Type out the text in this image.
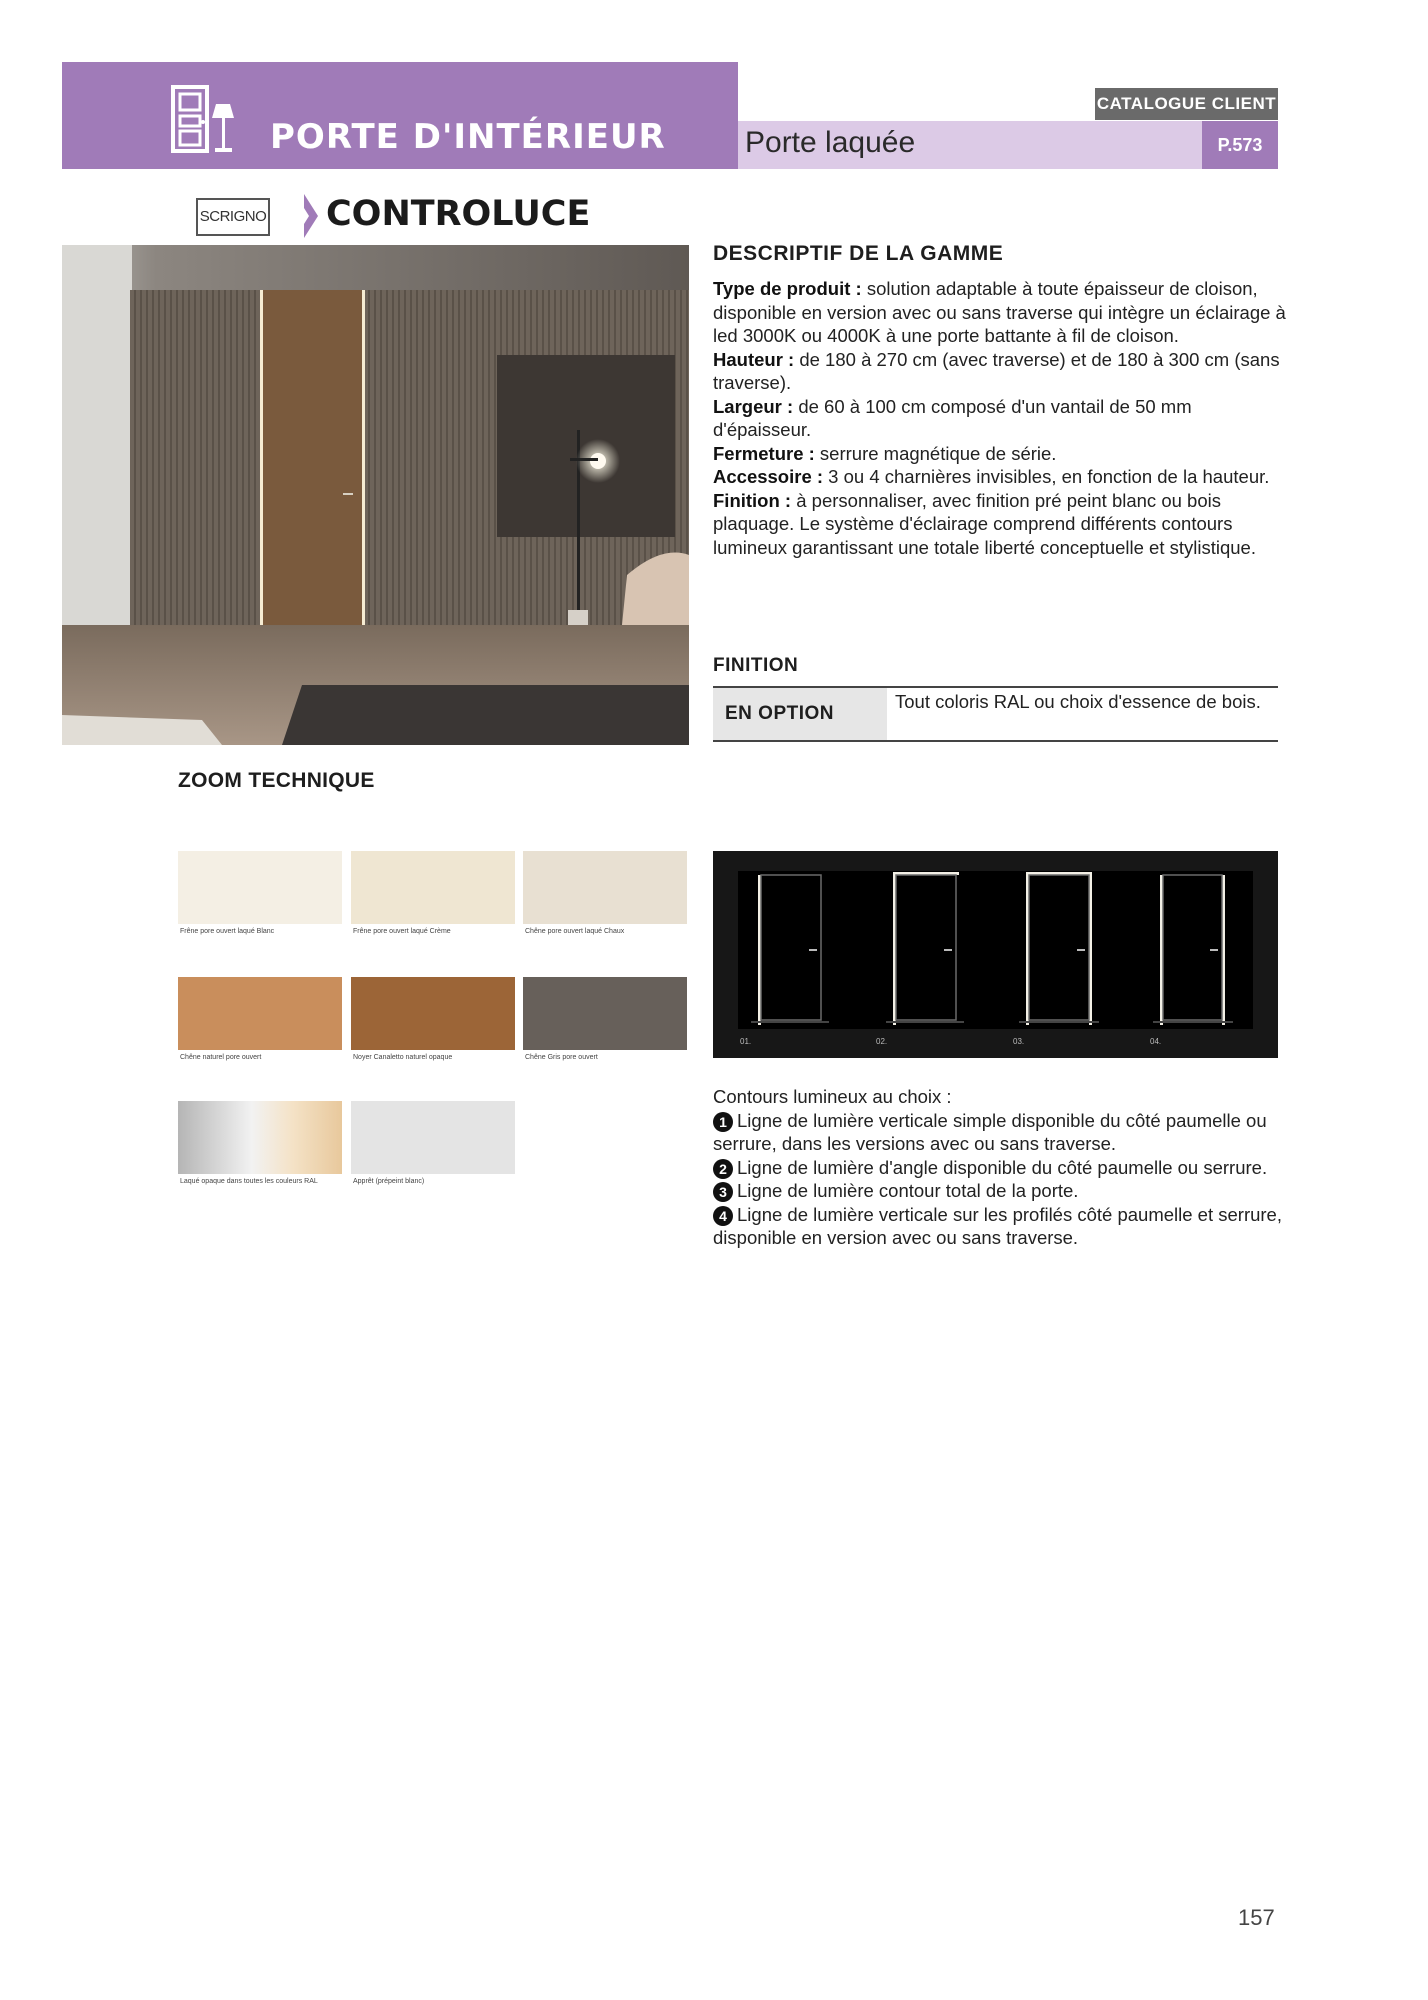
PORTE D'INTÉRIEUR	Porte laquée
CATALOGUE CLIENT
P.573
SCRIGNO CONTROLUCE
DESCRIPTIF DE LA GAMME

Type de produit : solution adaptable à toute épaisseur de cloison, disponible en version avec ou sans traverse qui intègre un éclairage à led 3000K ou 4000K à une porte battante à fil de cloison.

Hauteur : de 180 à 270 cm (avec traverse) et de 180 à 300 cm (sans traverse).

Largeur : de 60 à 100 cm composé d'un vantail de 50 mm d'épaisseur.

Fermeture : serrure magnétique de série.

Accessoire : 3 ou 4 charnières invisibles, en fonction de la hauteur.

Finition : à personnaliser, avec finition pré peint blanc ou bois plaquage. Le système d'éclairage comprend différents contours lumineux garantissant une totale liberté conceptuelle et stylistique.

FINITION
EN OPTION
Tout coloris RAL ou choix d'essence de bois.
ZOOM TECHNIQUE
Frêne pore ouvert laqué Blanc	Frêne pore ouvert laqué Crème	Chêne pore ouvert laqué Chaux
Chêne naturel pore ouvert	Noyer Canaletto naturel opaque	Chêne Gris pore ouvert
Laqué opaque dans toutes les couleurs RAL	Apprêt (prépeint blanc)
01.	02.	03.	04.

Contours lumineux au choix :

1 Ligne de lumière verticale simple disponible du côté paumelle ou serrure, dans les versions avec ou sans traverse.

2 Ligne de lumière d'angle disponible du côté paumelle ou serrure.

3 Ligne de lumière contour total de la porte.

4 Ligne de lumière verticale sur les profilés côté paumelle et serrure, disponible en version avec ou sans traverse.

157
